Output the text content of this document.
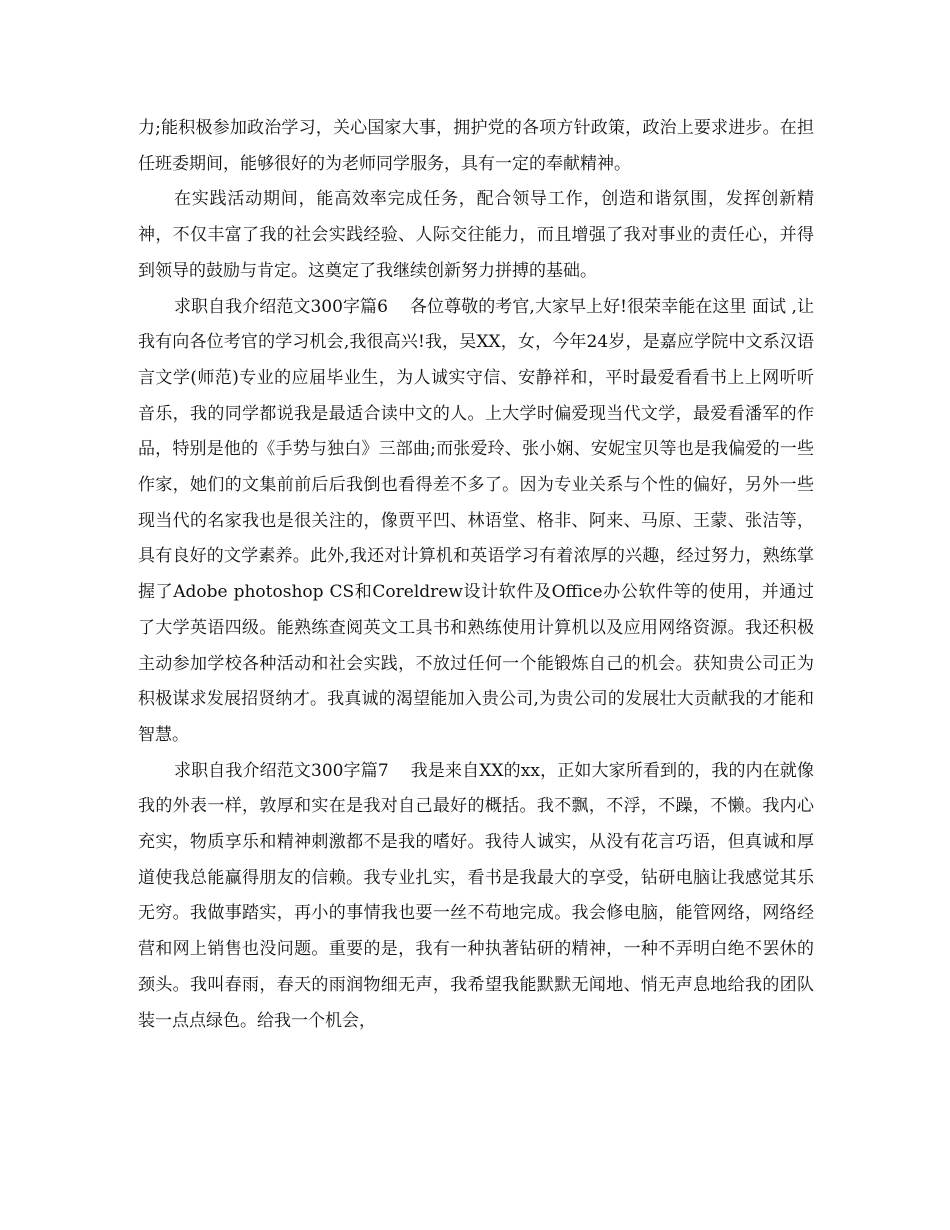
力;能积极参加政治学习，关心国家大事，拥护党的各项方针政策，政治上要求进步。在担任班委期间，能够很好的为老师同学服务，具有一定的奉献精神。

在实践活动期间，能高效率完成任务，配合领导工作，创造和谐氛围，发挥创新精神，不仅丰富了我的社会实践经验、人际交往能力，而且增强了我对事业的责任心，并得到领导的鼓励与肯定。这奠定了我继续创新努力拼搏的基础。

求职自我介绍范文300字篇6 各位尊敬的考官,大家早上好!很荣幸能在这里 面试 ,让我有向各位考官的学习机会,我很高兴!我，吴XX，女，今年24岁，是嘉应学院中文系汉语言文学(师范)专业的应届毕业生，为人诚实守信、安静祥和，平时最爱看看书上上网听听音乐，我的同学都说我是最适合读中文的人。上大学时偏爱现当代文学，最爱看潘军的作品，特别是他的《手势与独白》三部曲;而张爱玲、张小娴、安妮宝贝等也是我偏爱的一些作家，她们的文集前前后后我倒也看得差不多了。因为专业关系与个性的偏好，另外一些现当代的名家我也是很关注的，像贾平凹、林语堂、格非、阿来、马原、王蒙、张洁等，具有良好的文学素养。此外,我还对计算机和英语学习有着浓厚的兴趣，经过努力，熟练掌握了Adobe photoshop CS和Coreldrew设计软件及Office办公软件等的使用，并通过了大学英语四级。能熟练查阅英文工具书和熟练使用计算机以及应用网络资源。我还积极主动参加学校各种活动和社会实践，不放过任何一个能锻炼自己的机会。获知贵公司正为积极谋求发展招贤纳才。我真诚的渴望能加入贵公司,为贵公司的发展壮大贡献我的才能和智慧。

求职自我介绍范文300字篇7 我是来自XX的xx，正如大家所看到的，我的内在就像我的外表一样，敦厚和实在是我对自己最好的概括。我不飘，不浮，不躁，不懒。我内心充实，物质享乐和精神刺激都不是我的嗜好。我待人诚实，从没有花言巧语，但真诚和厚道使我总能赢得朋友的信赖。我专业扎实，看书是我最大的享受，钻研电脑让我感觉其乐无穷。我做事踏实，再小的事情我也要一丝不苟地完成。我会修电脑，能管网络，网络经营和网上销售也没问题。重要的是，我有一种执著钻研的精神，一种不弄明白绝不罢休的颈头。我叫春雨，春天的雨润物细无声，我希望我能默默无闻地、悄无声息地给我的团队装一点点绿色。给我一个机会，
